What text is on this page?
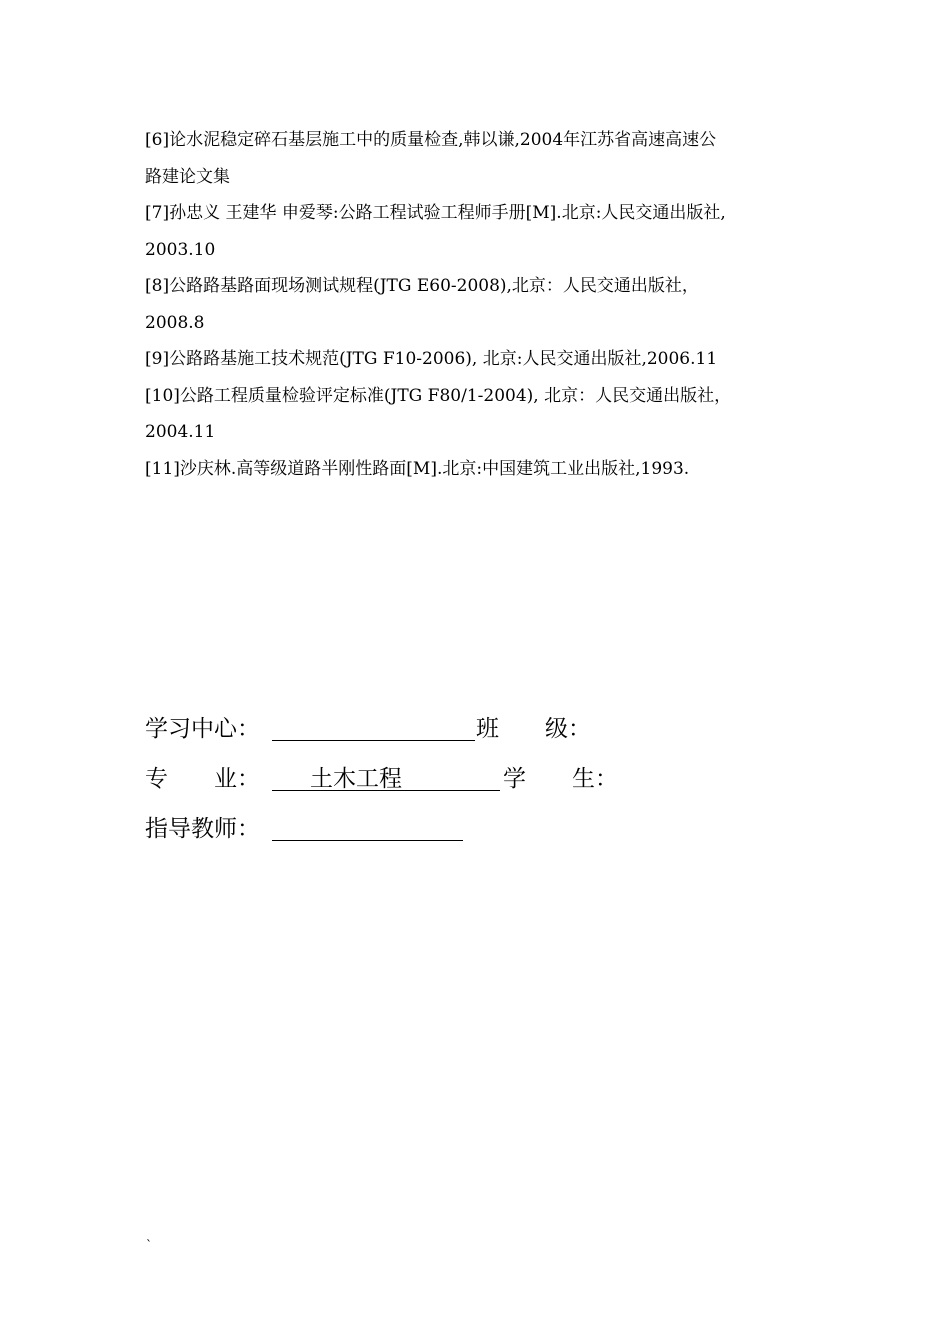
[6]论水泥稳定碎石基层施工中的质量检查,韩以谦,2004年江苏省高速高速公
路建论文集
[7]孙忠义 王建华 申爱琴:公路工程试验工程师手册[M].北京:人民交通出版社,
2003.10
[8]公路路基路面现场测试规程(JTG E60-2008),北京：人民交通出版社，
2008.8
[9]公路路基施工技术规范(JTG F10-2006), 北京:人民交通出版社,2006.11
[10]公路工程质量检验评定标准(JTG F80/1-2004), 北京：人民交通出版社，
2004.11
[11]沙庆林.高等级道路半刚性路面[M].北京:中国建筑工业出版社,1993.
学习中心：	班　　级：
专　　业： 土木工程	学　　生：
指导教师：
`
